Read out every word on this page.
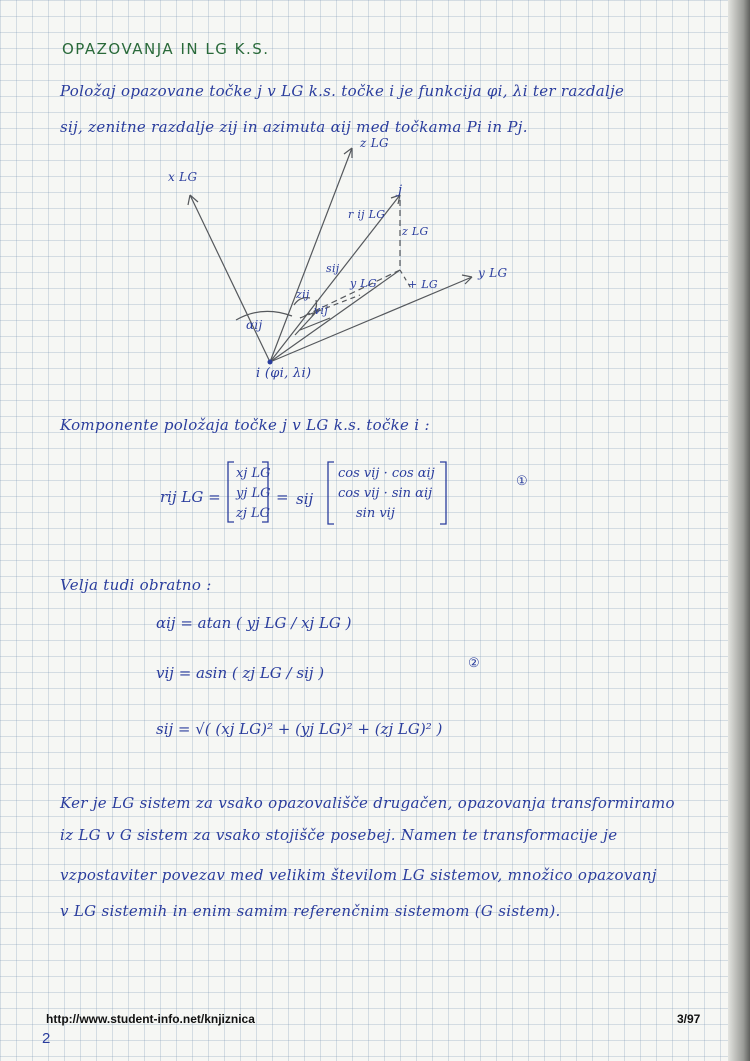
OPAZOVANJA IN LG K.S.

Položaj opazovane točke j v LG k.s. točke i je funkcija φi, λi ter razdalje

sij, zenitne razdalje zij in azimuta αij med točkama Pi in Pj.

x LG
z LG
y LG
j
r ij LG
z LG
+ LG
y LG
sij
vij
zij
αij
i (φi, λi)

Komponente položaja točke j v LG k.s. točke i :

rij LG =
xj LG
yj LG
zj LG
= sij
cos vij · cos αij
cos vij · sin αij
sin vij
①

Velja tudi obratno :

αij = atan ( yj LG / xj LG )
vij = asin ( zj LG / sij )
②
sij = √( (xj LG)² + (yj LG)² + (zj LG)² )

Ker je LG sistem za vsako opazovališče drugačen, opazovanja transformiramo

iz LG v G sistem za vsako stojišče posebej. Namen te transformacije je

vzpostaviter povezav med velikim številom LG sistemov, množico opazovanj

v LG sistemih in enim samim referenčnim sistemom (G sistem).

http://www.student-info.net/knjiznica	3/97
2
